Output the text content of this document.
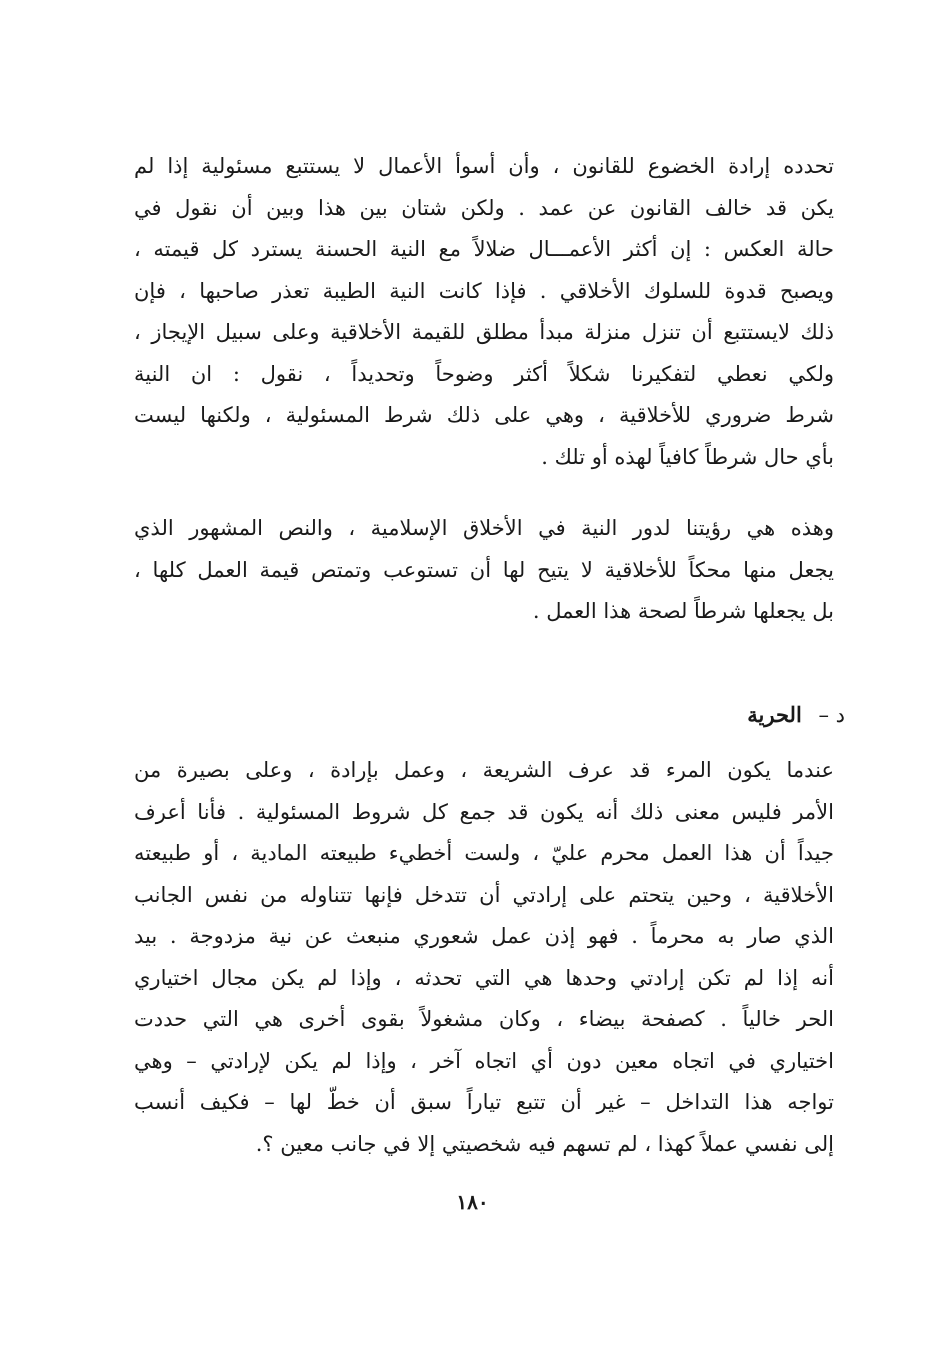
تحدده إرادة الخضوع للقانون ، وأن أسوأ الأعمال لا يستتبع مسئولية إذا لم
يكن قد خالف القانون عن عمد . ولكن شتان بين هذا وبين أن نقول في
حالة العكس : إن أكثر الأعمـــال ضلالاً مع النية الحسنة يسترد كل قيمته ،
ويصبح قدوة للسلوك الأخلاقي . فإذا كانت النية الطيبة تعذر صاحبها ، فإن
ذلك لايستتبع أن تنزل منزلة مبدأ مطلق للقيمة الأخلاقية وعلى سبيل الإيجاز ،
ولكي نعطي لتفكيرنا شكلاً أكثر وضوحاً وتحديداً ، نقول : ان النية
شرط ضروري للأخلاقية ، وهي على ذلك شرط المسئولية ، ولكنها ليست
بأي حال شرطاً كافياً لهذه أو تلك .
وهذه هي رؤيتنا لدور النية في الأخلاق الإسلامية ، والنص المشهور الذي
يجعل منها محكاً للأخلاقية لا يتيح لها أن تستوعب وتمتص قيمة العمل كلها ،
بل يجعلها شرطاً لصحة هذا العمل .
د – الحرية
عندما يكون المرء قد عرف الشريعة ، وعمل بإرادة ، وعلى بصيرة من
الأمر فليس معنى ذلك أنه يكون قد جمع كل شروط المسئولية . فأنا أعرف
جيداً أن هذا العمل محرم عليّ ، ولست أخطيء طبيعته المادية ، أو طبيعته
الأخلاقية ، وحين يتحتم على إرادتي أن تتدخل فإنها تتناوله من نفس الجانب
الذي صار به محرماً . فهو إذن عمل شعوري منبعث عن نية مزدوجة . بيد
أنه إذا لم تكن إرادتي وحدها هي التي تحدثه ، وإذا لم يكن مجال اختياري
الحر خالياً . كصفحة بيضاء ، وكان مشغولاً بقوى أخرى هي التي حددت
اختياري في اتجاه معين دون أي اتجاه آخر ، وإذا لم يكن لإرادتي – وهي
تواجه هذا التداخل – غير أن تتبع تياراً سبق أن خطّ لها – فكيف أنسب
إلى نفسي عملاً كهذا ، لم تسهم فيه شخصيتي إلا في جانب معين ؟.
١٨٠
